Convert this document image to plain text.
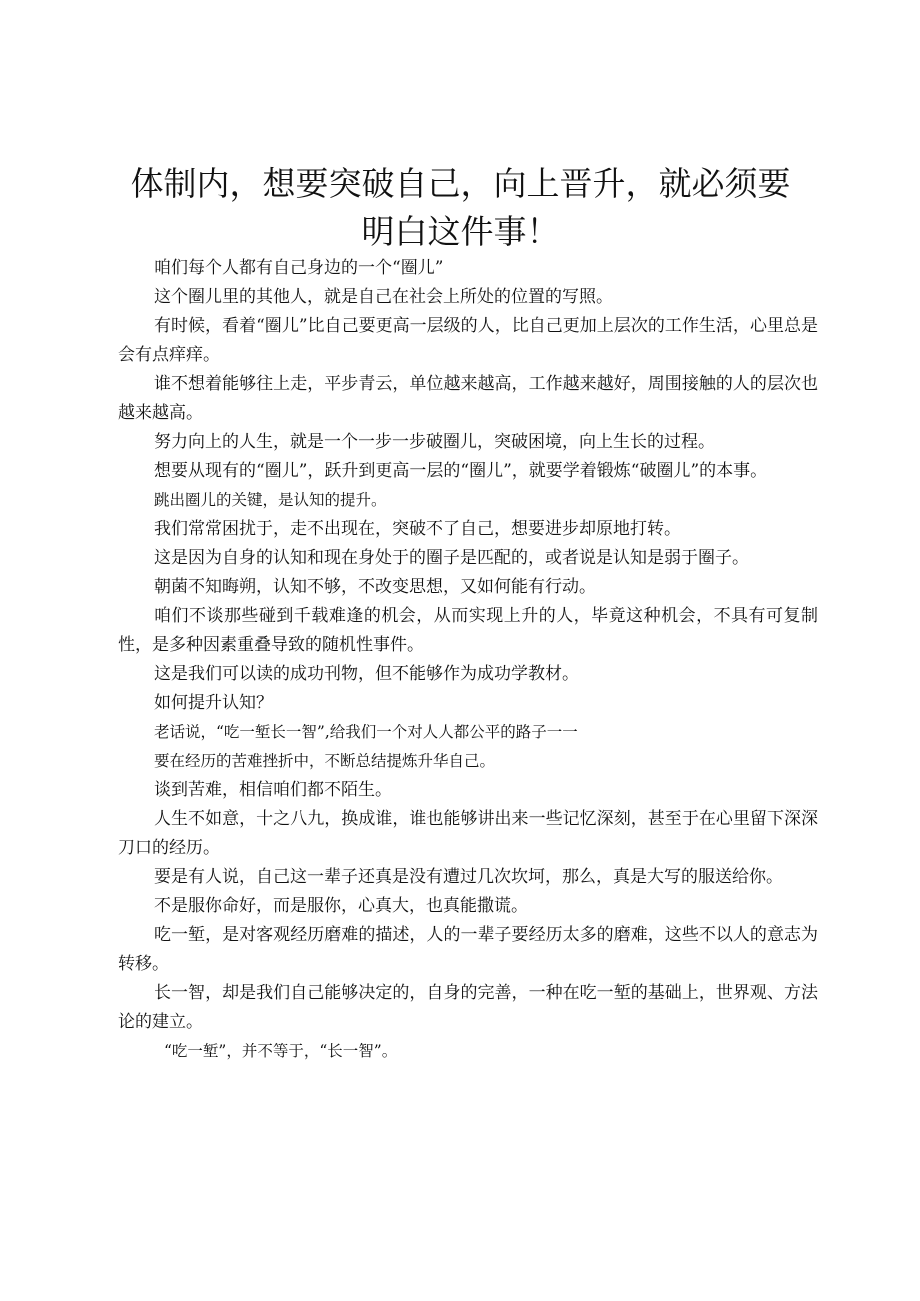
体制内，想要突破自己，向上晋升，就必须要明白这件事！

咱们每个人都有自己身边的一个“圈儿”

这个圈儿里的其他人，就是自己在社会上所处的位置的写照。

有时候，看着“圈儿”比自己要更高一层级的人，比自己更加上层次的工作生活，心里总是会有点痒痒。

谁不想着能够往上走，平步青云，单位越来越高，工作越来越好，周围接触的人的层次也越来越高。

努力向上的人生，就是一个一步一步破圈儿，突破困境，向上生长的过程。

想要从现有的“圈儿”，跃升到更高一层的“圈儿”，就要学着锻炼“破圈儿”的本事。

跳出圈儿的关键，是认知的提升。

我们常常困扰于，走不出现在，突破不了自己，想要进步却原地打转。

这是因为自身的认知和现在身处于的圈子是匹配的，或者说是认知是弱于圈子。

朝菌不知晦朔，认知不够，不改变思想，又如何能有行动。

咱们不谈那些碰到千载难逢的机会，从而实现上升的人，毕竟这种机会，不具有可复制性，是多种因素重叠导致的随机性事件。

这是我们可以读的成功刊物，但不能够作为成功学教材。

如何提升认知？

老话说，“吃一堑长一智”,给我们一个对人人都公平的路子一一

要在经历的苦难挫折中，不断总结提炼升华自己。

谈到苦难，相信咱们都不陌生。

人生不如意，十之八九，换成谁，谁也能够讲出来一些记忆深刻，甚至于在心里留下深深刀口的经历。

要是有人说，自己这一辈子还真是没有遭过几次坎坷，那么，真是大写的服送给你。

不是服你命好，而是服你，心真大，也真能撒谎。

吃一堑，是对客观经历磨难的描述，人的一辈子要经历太多的磨难，这些不以人的意志为转移。

长一智，却是我们自己能够决定的，自身的完善，一种在吃一堑的基础上，世界观、方法论的建立。

“吃一堑”，并不等于，“长一智”。
